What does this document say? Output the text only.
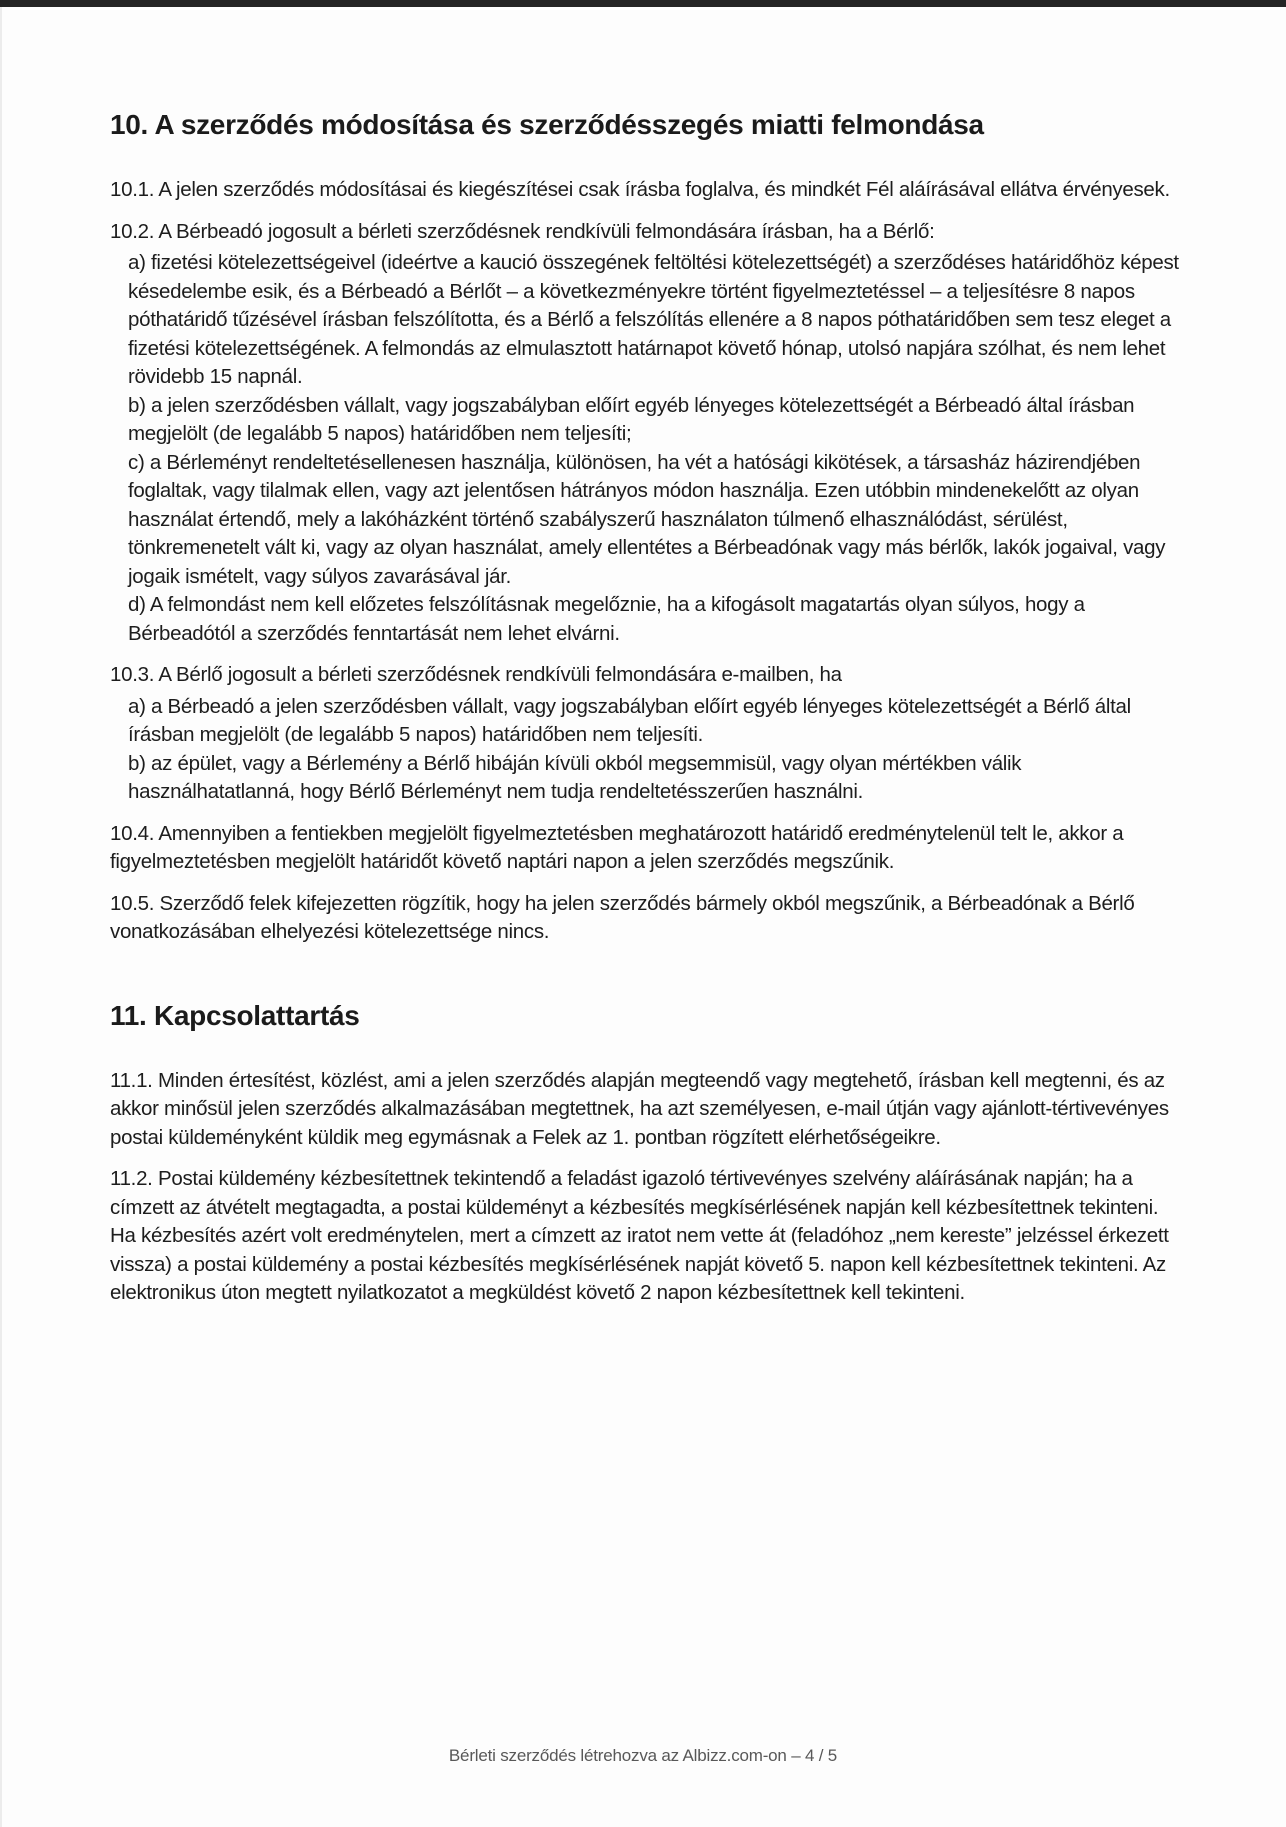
10. A szerződés módosítása és szerződésszegés miatti felmondása
10.1. A jelen szerződés módosításai és kiegészítései csak írásba foglalva, és mindkét Fél aláírásával ellátva érvényesek.
10.2. A Bérbeadó jogosult a bérleti szerződésnek rendkívüli felmondására írásban, ha a Bérlő:
a) fizetési kötelezettségeivel (ideértve a kaució összegének feltöltési kötelezettségét) a szerződéses határidőhöz képest késedelembe esik, és a Bérbeadó a Bérlőt – a következményekre történt figyelmeztetéssel – a teljesítésre 8 napos póthatáridő tűzésével írásban felszólította, és a Bérlő a felszólítás ellenére a 8 napos póthatáridőben sem tesz eleget a fizetési kötelezettségének. A felmondás az elmulasztott határnapot követő hónap, utolsó napjára szólhat, és nem lehet rövidebb 15 napnál.
b) a jelen szerződésben vállalt, vagy jogszabályban előírt egyéb lényeges kötelezettségét a Bérbeadó által írásban megjelölt (de legalább 5 napos) határidőben nem teljesíti;
c) a Bérleményt rendeltetésellenesen használja, különösen, ha vét a hatósági kikötések, a társasház házirendjében foglaltak, vagy tilalmak ellen, vagy azt jelentősen hátrányos módon használja. Ezen utóbbin mindenekelőtt az olyan használat értendő, mely a lakóházként történő szabályszerű használaton túlmenő elhasználódást, sérülést, tönkremenetelt vált ki, vagy az olyan használat, amely ellentétes a Bérbeadónak vagy más bérlők, lakók jogaival, vagy jogaik ismételt, vagy súlyos zavarásával jár.
d) A felmondást nem kell előzetes felszólításnak megelőznie, ha a kifogásolt magatartás olyan súlyos, hogy a Bérbeadótól a szerződés fenntartását nem lehet elvárni.
10.3. A Bérlő jogosult a bérleti szerződésnek rendkívüli felmondására e-mailben, ha
a) a Bérbeadó a jelen szerződésben vállalt, vagy jogszabályban előírt egyéb lényeges kötelezettségét a Bérlő által írásban megjelölt (de legalább 5 napos) határidőben nem teljesíti.
b) az épület, vagy a Bérlemény a Bérlő hibáján kívüli okból megsemmisül, vagy olyan mértékben válik használhatatlanná, hogy Bérlő Bérleményt nem tudja rendeltetésszerűen használni.
10.4. Amennyiben a fentiekben megjelölt figyelmeztetésben meghatározott határidő eredménytelenül telt le, akkor a figyelmeztetésben megjelölt határidőt követő naptári napon a jelen szerződés megszűnik.
10.5. Szerződő felek kifejezetten rögzítik, hogy ha jelen szerződés bármely okból megszűnik, a Bérbeadónak a Bérlő vonatkozásában elhelyezési kötelezettsége nincs.
11. Kapcsolattartás
11.1. Minden értesítést, közlést, ami a jelen szerződés alapján megteendő vagy megtehető, írásban kell megtenni, és az akkor minősül jelen szerződés alkalmazásában megtettnek, ha azt személyesen, e-mail útján vagy ajánlott-tértivevényes postai küldeményként küldik meg egymásnak a Felek az 1. pontban rögzített elérhetőségeikre.
11.2. Postai küldemény kézbesítettnek tekintendő a feladást igazoló tértivevényes szelvény aláírásának napján; ha a címzett az átvételt megtagadta, a postai küldeményt a kézbesítés megkísérlésének napján kell kézbesítettnek tekinteni. Ha kézbesítés azért volt eredménytelen, mert a címzett az iratot nem vette át (feladóhoz „nem kereste” jelzéssel érkezett vissza) a postai küldemény a postai kézbesítés megkísérlésének napját követő 5. napon kell kézbesítettnek tekinteni. Az elektronikus úton megtett nyilatkozatot a megküldést követő 2 napon kézbesítettnek kell tekinteni.
Bérleti szerződés létrehozva az Albizz.com-on – 4 / 5
